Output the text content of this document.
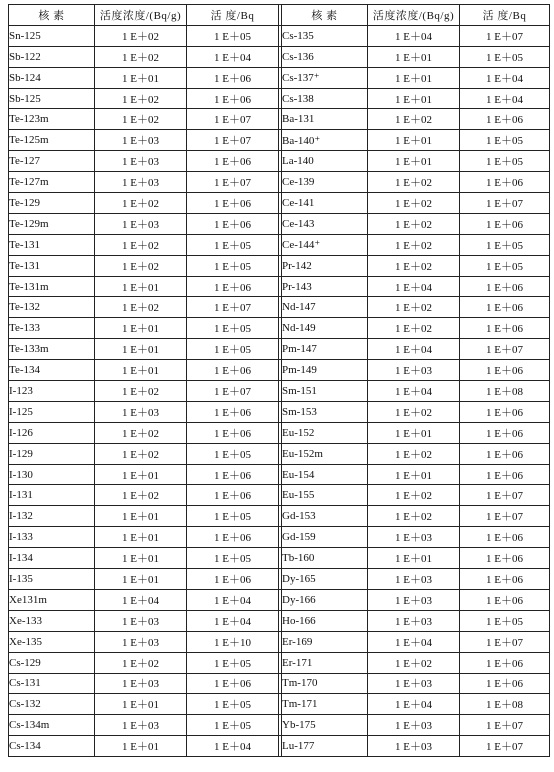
核 素	活度浓度/(Bq/g)	活 度/Bq		核 素	活度浓度/(Bq/g)	活 度/Bq
Sn-125	1 E＋02	1 E＋05		Cs-135	1 E＋04	1 E＋07
Sb-122	1 E＋02	1 E＋04		Cs-136	1 E＋01	1 E＋05
Sb-124	1 E＋01	1 E＋06		Cs-137⁺	1 E＋01	1 E＋04
Sb-125	1 E＋02	1 E＋06		Cs-138	1 E＋01	1 E＋04
Te-123m	1 E＋02	1 E＋07		Ba-131	1 E＋02	1 E＋06
Te-125m	1 E＋03	1 E＋07		Ba-140⁺	1 E＋01	1 E＋05
Te-127	1 E＋03	1 E＋06		La-140	1 E＋01	1 E＋05
Te-127m	1 E＋03	1 E＋07		Ce-139	1 E＋02	1 E＋06
Te-129	1 E＋02	1 E＋06		Ce-141	1 E＋02	1 E＋07
Te-129m	1 E＋03	1 E＋06		Ce-143	1 E＋02	1 E＋06
Te-131	1 E＋02	1 E＋05		Ce-144⁺	1 E＋02	1 E＋05
Te-131	1 E＋02	1 E＋05		Pr-142	1 E＋02	1 E＋05
Te-131m	1 E＋01	1 E＋06		Pr-143	1 E＋04	1 E＋06
Te-132	1 E＋02	1 E＋07		Nd-147	1 E＋02	1 E＋06
Te-133	1 E＋01	1 E＋05		Nd-149	1 E＋02	1 E＋06
Te-133m	1 E＋01	1 E＋05		Pm-147	1 E＋04	1 E＋07
Te-134	1 E＋01	1 E＋06		Pm-149	1 E＋03	1 E＋06
I-123	1 E＋02	1 E＋07		Sm-151	1 E＋04	1 E＋08
I-125	1 E＋03	1 E＋06		Sm-153	1 E＋02	1 E＋06
I-126	1 E＋02	1 E＋06		Eu-152	1 E＋01	1 E＋06
I-129	1 E＋02	1 E＋05		Eu-152m	1 E＋02	1 E＋06
I-130	1 E＋01	1 E＋06		Eu-154	1 E＋01	1 E＋06
I-131	1 E＋02	1 E＋06		Eu-155	1 E＋02	1 E＋07
I-132	1 E＋01	1 E＋05		Gd-153	1 E＋02	1 E＋07
I-133	1 E＋01	1 E＋06		Gd-159	1 E＋03	1 E＋06
I-134	1 E＋01	1 E＋05		Tb-160	1 E＋01	1 E＋06
I-135	1 E＋01	1 E＋06		Dy-165	1 E＋03	1 E＋06
Xe131m	1 E＋04	1 E＋04		Dy-166	1 E＋03	1 E＋06
Xe-133	1 E＋03	1 E＋04		Ho-166	1 E＋03	1 E＋05
Xe-135	1 E＋03	1 E＋10		Er-169	1 E＋04	1 E＋07
Cs-129	1 E＋02	1 E＋05		Er-171	1 E＋02	1 E＋06
Cs-131	1 E＋03	1 E＋06		Tm-170	1 E＋03	1 E＋06
Cs-132	1 E＋01	1 E＋05		Tm-171	1 E＋04	1 E＋08
Cs-134m	1 E＋03	1 E＋05		Yb-175	1 E＋03	1 E＋07
Cs-134	1 E＋01	1 E＋04		Lu-177	1 E＋03	1 E＋07
